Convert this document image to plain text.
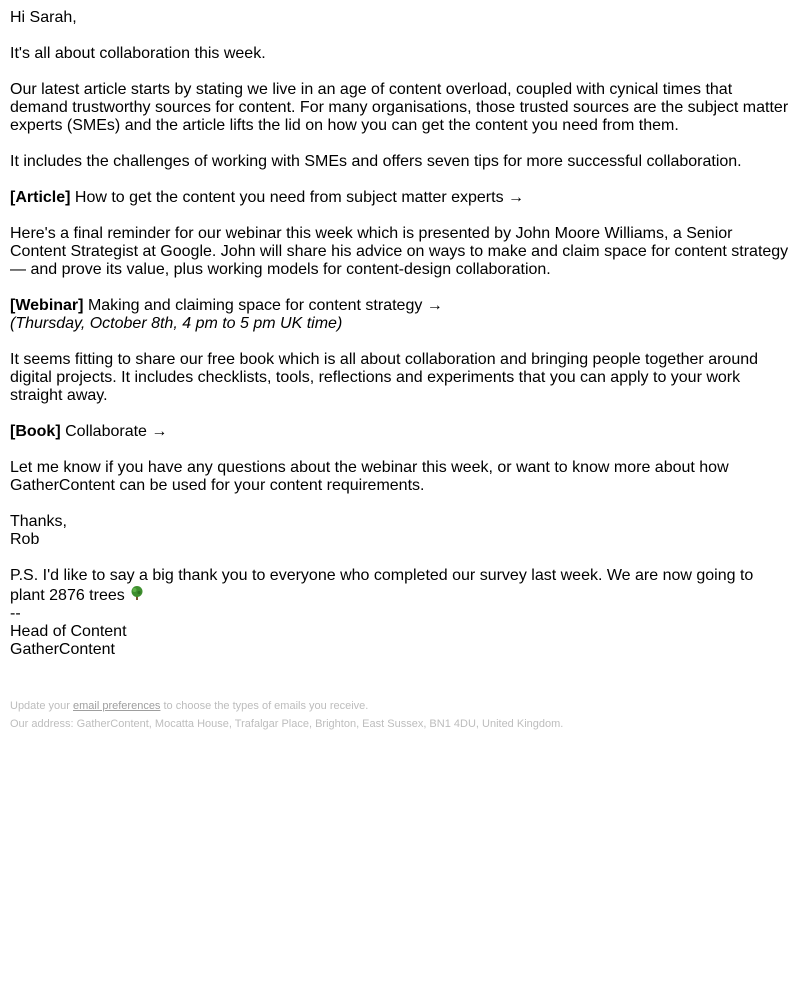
Hi Sarah,

It's all about collaboration this week.

Our latest article starts by stating we live in an age of content overload, coupled with cynical times that demand trustworthy sources for content. For many organisations, those trusted sources are the subject matter experts (SMEs) and the article lifts the lid on how you can get the content you need from them.

It includes the challenges of working with SMEs and offers seven tips for more successful collaboration.

[Article] How to get the content you need from subject matter experts →

Here's a final reminder for our webinar this week which is presented by John Moore Williams, a Senior Content Strategist at Google. John will share his advice on ways to make and claim space for content strategy — and prove its value, plus working models for content-design collaboration.

[Webinar] Making and claiming space for content strategy →
(Thursday, October 8th, 4 pm to 5 pm UK time)

It seems fitting to share our free book which is all about collaboration and bringing people together around digital projects. It includes checklists, tools, reflections and experiments that you can apply to your work straight away.

[Book] Collaborate →

Let me know if you have any questions about the webinar this week, or want to know more about how GatherContent can be used for your content requirements.

Thanks,
Rob

P.S. I'd like to say a big thank you to everyone who completed our survey last week. We are now going to plant 2876 trees

--
Head of Content
GatherContent

Update your email preferences to choose the types of emails you receive.
Our address: GatherContent, Mocatta House, Trafalgar Place, Brighton, East Sussex, BN1 4DU, United Kingdom.
